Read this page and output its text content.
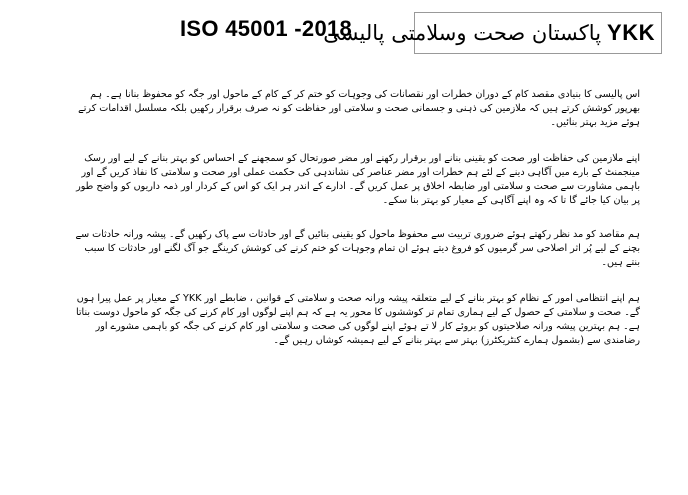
ISO 45001 -2018
پاکستان صحت وسلامتی پالیسی YKK

اس پالیسی کا بنیادی مقصد کام کے دوران خطرات اور نقصانات کی وجوہات کو ختم کر کے کام کے ماحول اور جگہ کو محفوظ بنانا ہے۔ ہم بھرپور کوشش کرتے ہیں کہ ملازمین کی ذہنی و جسمانی صحت و سلامتی اور حفاظت کو نہ صرف برقرار رکھیں بلکہ مسلسل اقدامات کرتے ہوئے مزید بہتر بنائیں۔

اپنے ملازمین کی حفاظت اور صحت کو یقینی بنانے اور برقرار رکھنے اور مضر صورتحال کو سمجھنے کے احساس کو بہتر بنانے کے لیے اور رسک مینجمنٹ کے بارے میں آگاہی دینے کے لئے ہم خطرات اور مضر عناصر کی نشاندہی کی حکمت عملی اور صحت و سلامتی کا نفاذ کریں گے اور باہمی مشاورت سے صحت و سلامتی اور ضابطہ اخلاق پر عمل کریں گے۔ ادارے کے اندر ہر ایک کو اس کے کردار اور ذمہ داریوں کو واضح طور پر بیان کیا جائے گا تا کہ وہ اپنے آگاہی کے معیار کو بہتر بنا سکے۔

ہم مقاصد کو مد نظر رکھتے ہوئے ضروری تربیت سے محفوظ ماحول کو یقینی بنائیں گے اور حادثات سے پاک رکھیں گے۔ پیشہ ورانہ حادثات سے بچنے کے لیے پُر اثر اصلاحی سر گرمیوں کو فروغ دیتے ہوئے ان تمام وجوہات کو ختم کرنے کی کوشش کرینگے جو آگ لگنے اور حادثات کا سبب بنتے ہیں۔

ہم اپنے انتظامی امور کے نظام کو بہتر بنانے کے لیے متعلقہ پیشہ ورانہ صحت و سلامتی کے قوانین ، ضابطے اور YKK کے معیار پر عمل پیرا ہوں گے۔ صحت و سلامتی کے حصول کے لیے ہماری تمام تر کوششوں کا محور یہ ہے کہ ہم اپنے لوگوں اور کام کرنے کی جگہ کو ماحول دوست بناتا ہے۔ ہم بہترین پیشہ ورانہ صلاحیتوں کو بروئے کار لا تے ہوئے اپنے لوگوں کی صحت و سلامتی اور کام کرنے کی جگہ کو باہمی مشورے اور رضامندی سے (بشمول ہمارے کنٹریکٹرز) بہتر سے بہتر بنانے کے لیے ہمیشہ کوشاں رہیں گے۔
